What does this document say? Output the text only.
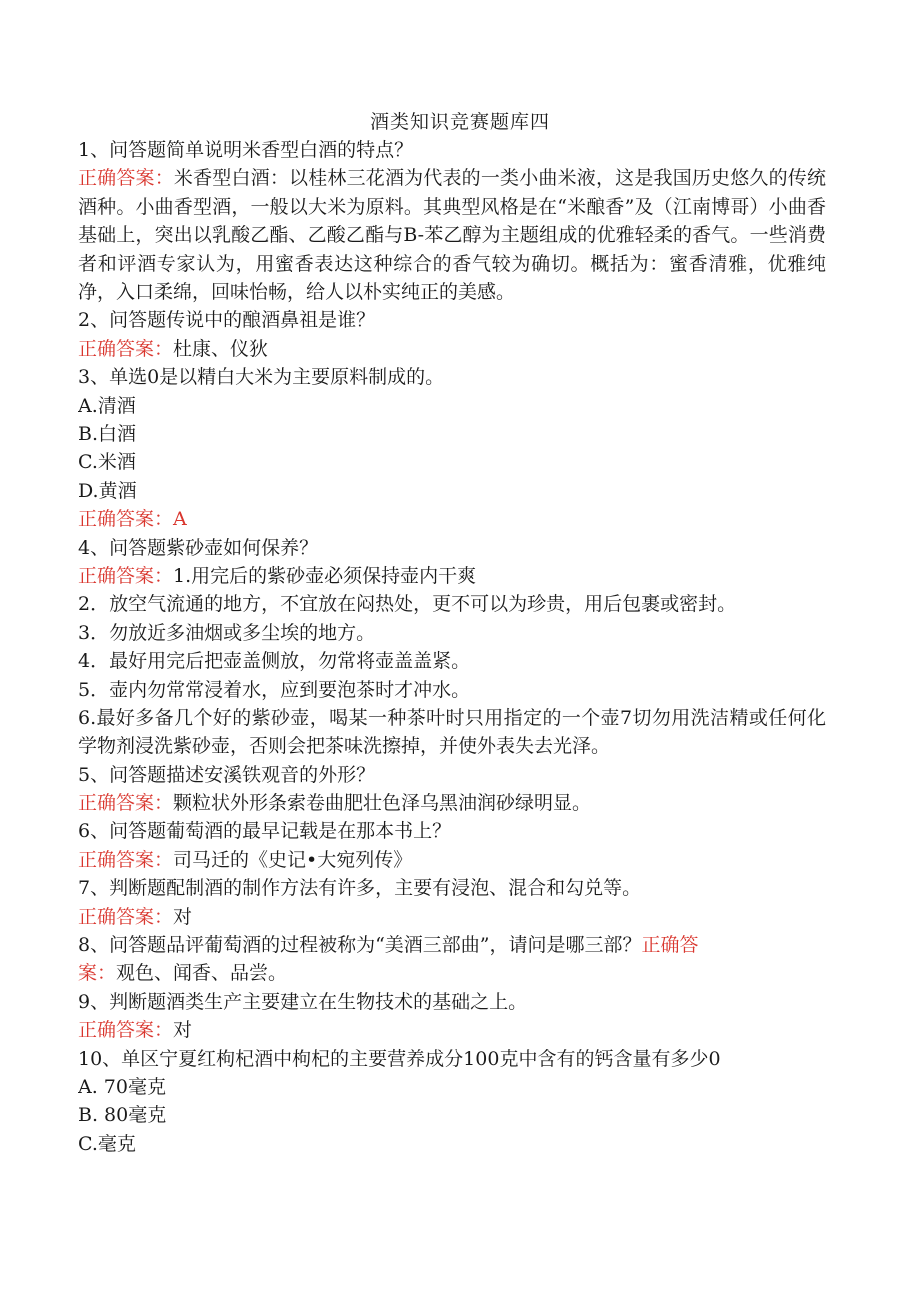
酒类知识竞赛题库四
1、问答题简单说明米香型白酒的特点？
正确答案：米香型白酒：以桂林三花酒为代表的一类小曲米液，这是我国历史悠久的传统酒种。小曲香型酒，一般以大米为原料。其典型风格是在“米酿香”及（江南博哥）小曲香基础上，突出以乳酸乙酯、乙酸乙酯与B-苯乙醇为主题组成的优雅轻柔的香气。一些消费者和评酒专家认为，用蜜香表达这种综合的香气较为确切。概括为：蜜香清雅，优雅纯净，入口柔绵，回味怡畅，给人以朴实纯正的美感。
2、问答题传说中的酿酒鼻祖是谁？
正确答案：杜康、仪狄
3、单选0是以精白大米为主要原料制成的。
A.清酒
B.白酒
C.米酒
D.黄酒
正确答案：A
4、问答题紫砂壶如何保养？
正确答案：1.用完后的紫砂壶必须保持壶内干爽
2．放空气流通的地方，不宜放在闷热处，更不可以为珍贵，用后包裹或密封。
3．勿放近多油烟或多尘埃的地方。
4．最好用完后把壶盖侧放，勿常将壶盖盖紧。
5．壶内勿常常浸着水，应到要泡茶时才冲水。
6.最好多备几个好的紫砂壶，喝某一种茶叶时只用指定的一个壶7切勿用洗洁精或任何化学物剂浸洗紫砂壶，否则会把茶味洗擦掉，并使外表失去光泽。
5、问答题描述安溪铁观音的外形？
正确答案：颗粒状外形条索卷曲肥壮色泽乌黑油润砂绿明显。
6、问答题葡萄酒的最早记载是在那本书上？
正确答案：司马迁的《史记•大宛列传》
7、判断题配制酒的制作方法有许多，主要有浸泡、混合和勾兑等。
正确答案：对
8、问答题品评葡萄酒的过程被称为“美酒三部曲”，请问是哪三部？正确答
案：观色、闻香、品尝。
9、判断题酒类生产主要建立在生物技术的基础之上。
正确答案：对
10、单区宁夏红枸杞酒中枸杞的主要营养成分100克中含有的钙含量有多少0
A. 70毫克
B. 80毫克
C.毫克
